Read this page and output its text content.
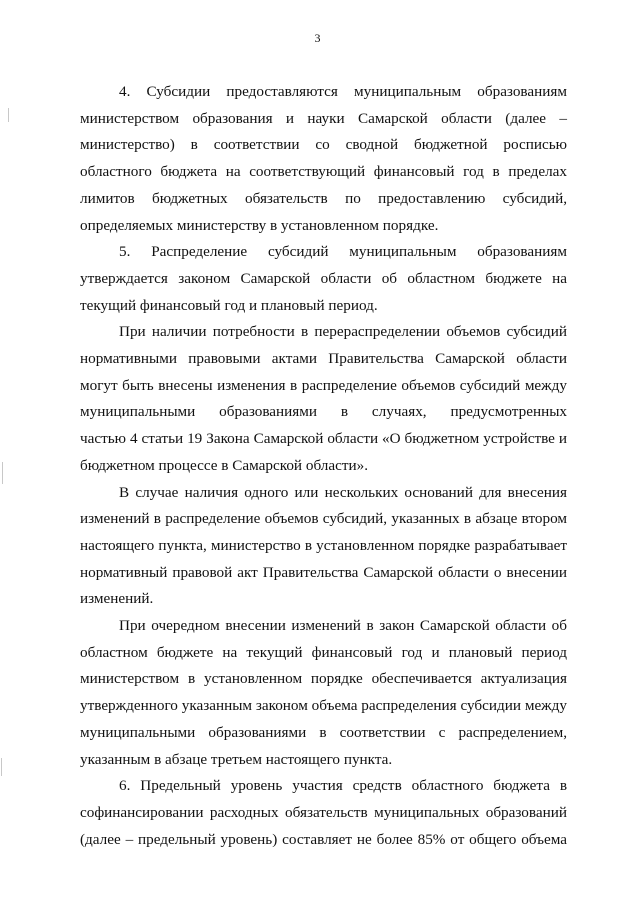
3
4. Субсидии предоставляются муниципальным образованиям
министерством образования и науки Самарской области (далее –
министерство) в соответствии со сводной бюджетной росписью
областного бюджета на соответствующий финансовый год в пределах
лимитов бюджетных обязательств по предоставлению субсидий,
определяемых министерству в установленном порядке.
5. Распределение субсидий муниципальным образованиям
утверждается законом Самарской области об областном бюджете на
текущий финансовый год и плановый период.
При наличии потребности в перераспределении объемов субсидий
нормативными правовыми актами Правительства Самарской области
могут быть внесены изменения в распределение объемов субсидий между
муниципальными образованиями в случаях, предусмотренных
частью 4 статьи 19 Закона Самарской области «О бюджетном устройстве и
бюджетном процессе в Самарской области».
В случае наличия одного или нескольких оснований для внесения
изменений в распределение объемов субсидий, указанных в абзаце втором
настоящего пункта, министерство в установленном порядке разрабатывает
нормативный правовой акт Правительства Самарской области о внесении
изменений.
При очередном внесении изменений в закон Самарской области об
областном бюджете на текущий финансовый год и плановый период
министерством в установленном порядке обеспечивается актуализация
утвержденного указанным законом объема распределения субсидии между
муниципальными образованиями в соответствии с распределением,
указанным в абзаце третьем настоящего пункта.
6. Предельный уровень участия средств областного бюджета в
софинансировании расходных обязательств муниципальных образований
(далее – предельный уровень) составляет не более 85% от общего объема
